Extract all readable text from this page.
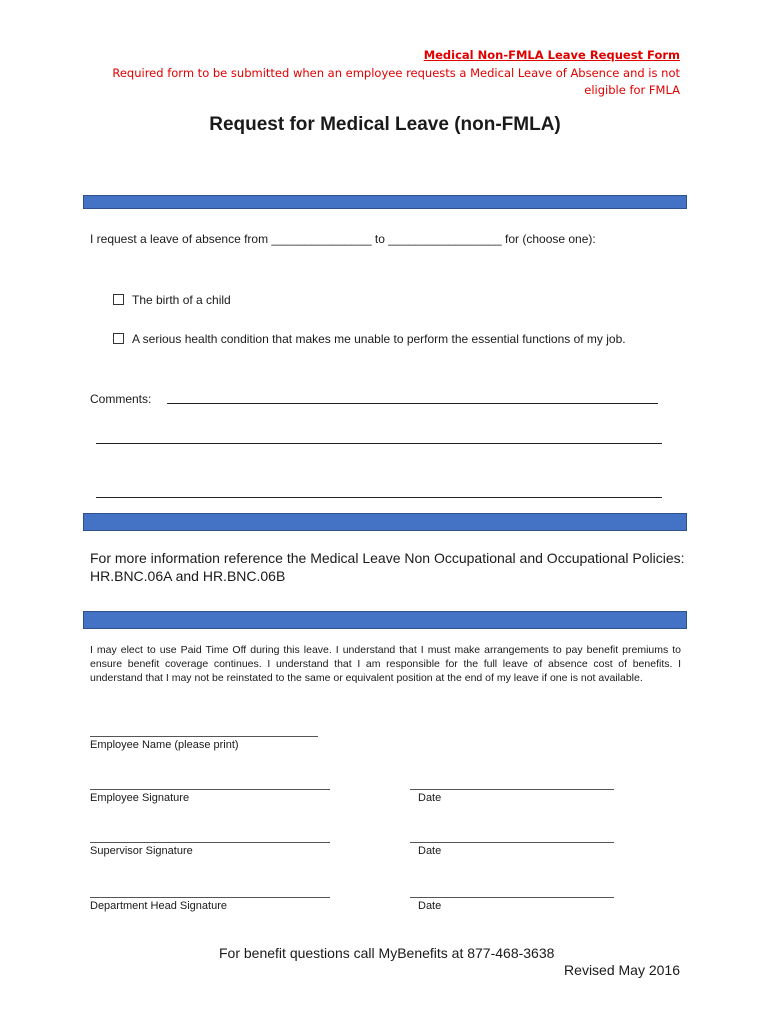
Medical Non-FMLA Leave Request Form
Required form to be submitted when an employee requests a Medical Leave of Absence and is not eligible for FMLA
Request for Medical Leave (non-FMLA)
I request a leave of absence from _______________ to _________________ for (choose one):
The birth of a child
A serious health condition that makes me unable to perform the essential functions of my job.
Comments:
For more information reference the Medical Leave Non Occupational and Occupational Policies: HR.BNC.06A and HR.BNC.06B
I may elect to use Paid Time Off during this leave. I understand that I must make arrangements to pay benefit premiums to ensure benefit coverage continues. I understand that I am responsible for the full leave of absence cost of benefits. I understand that I may not be reinstated to the same or equivalent position at the end of my leave if one is not available.
Employee Name (please print)
Employee Signature	Date
Supervisor Signature	Date
Department Head Signature	Date
For benefit questions call MyBenefits at 877-468-3638
Revised May 2016
